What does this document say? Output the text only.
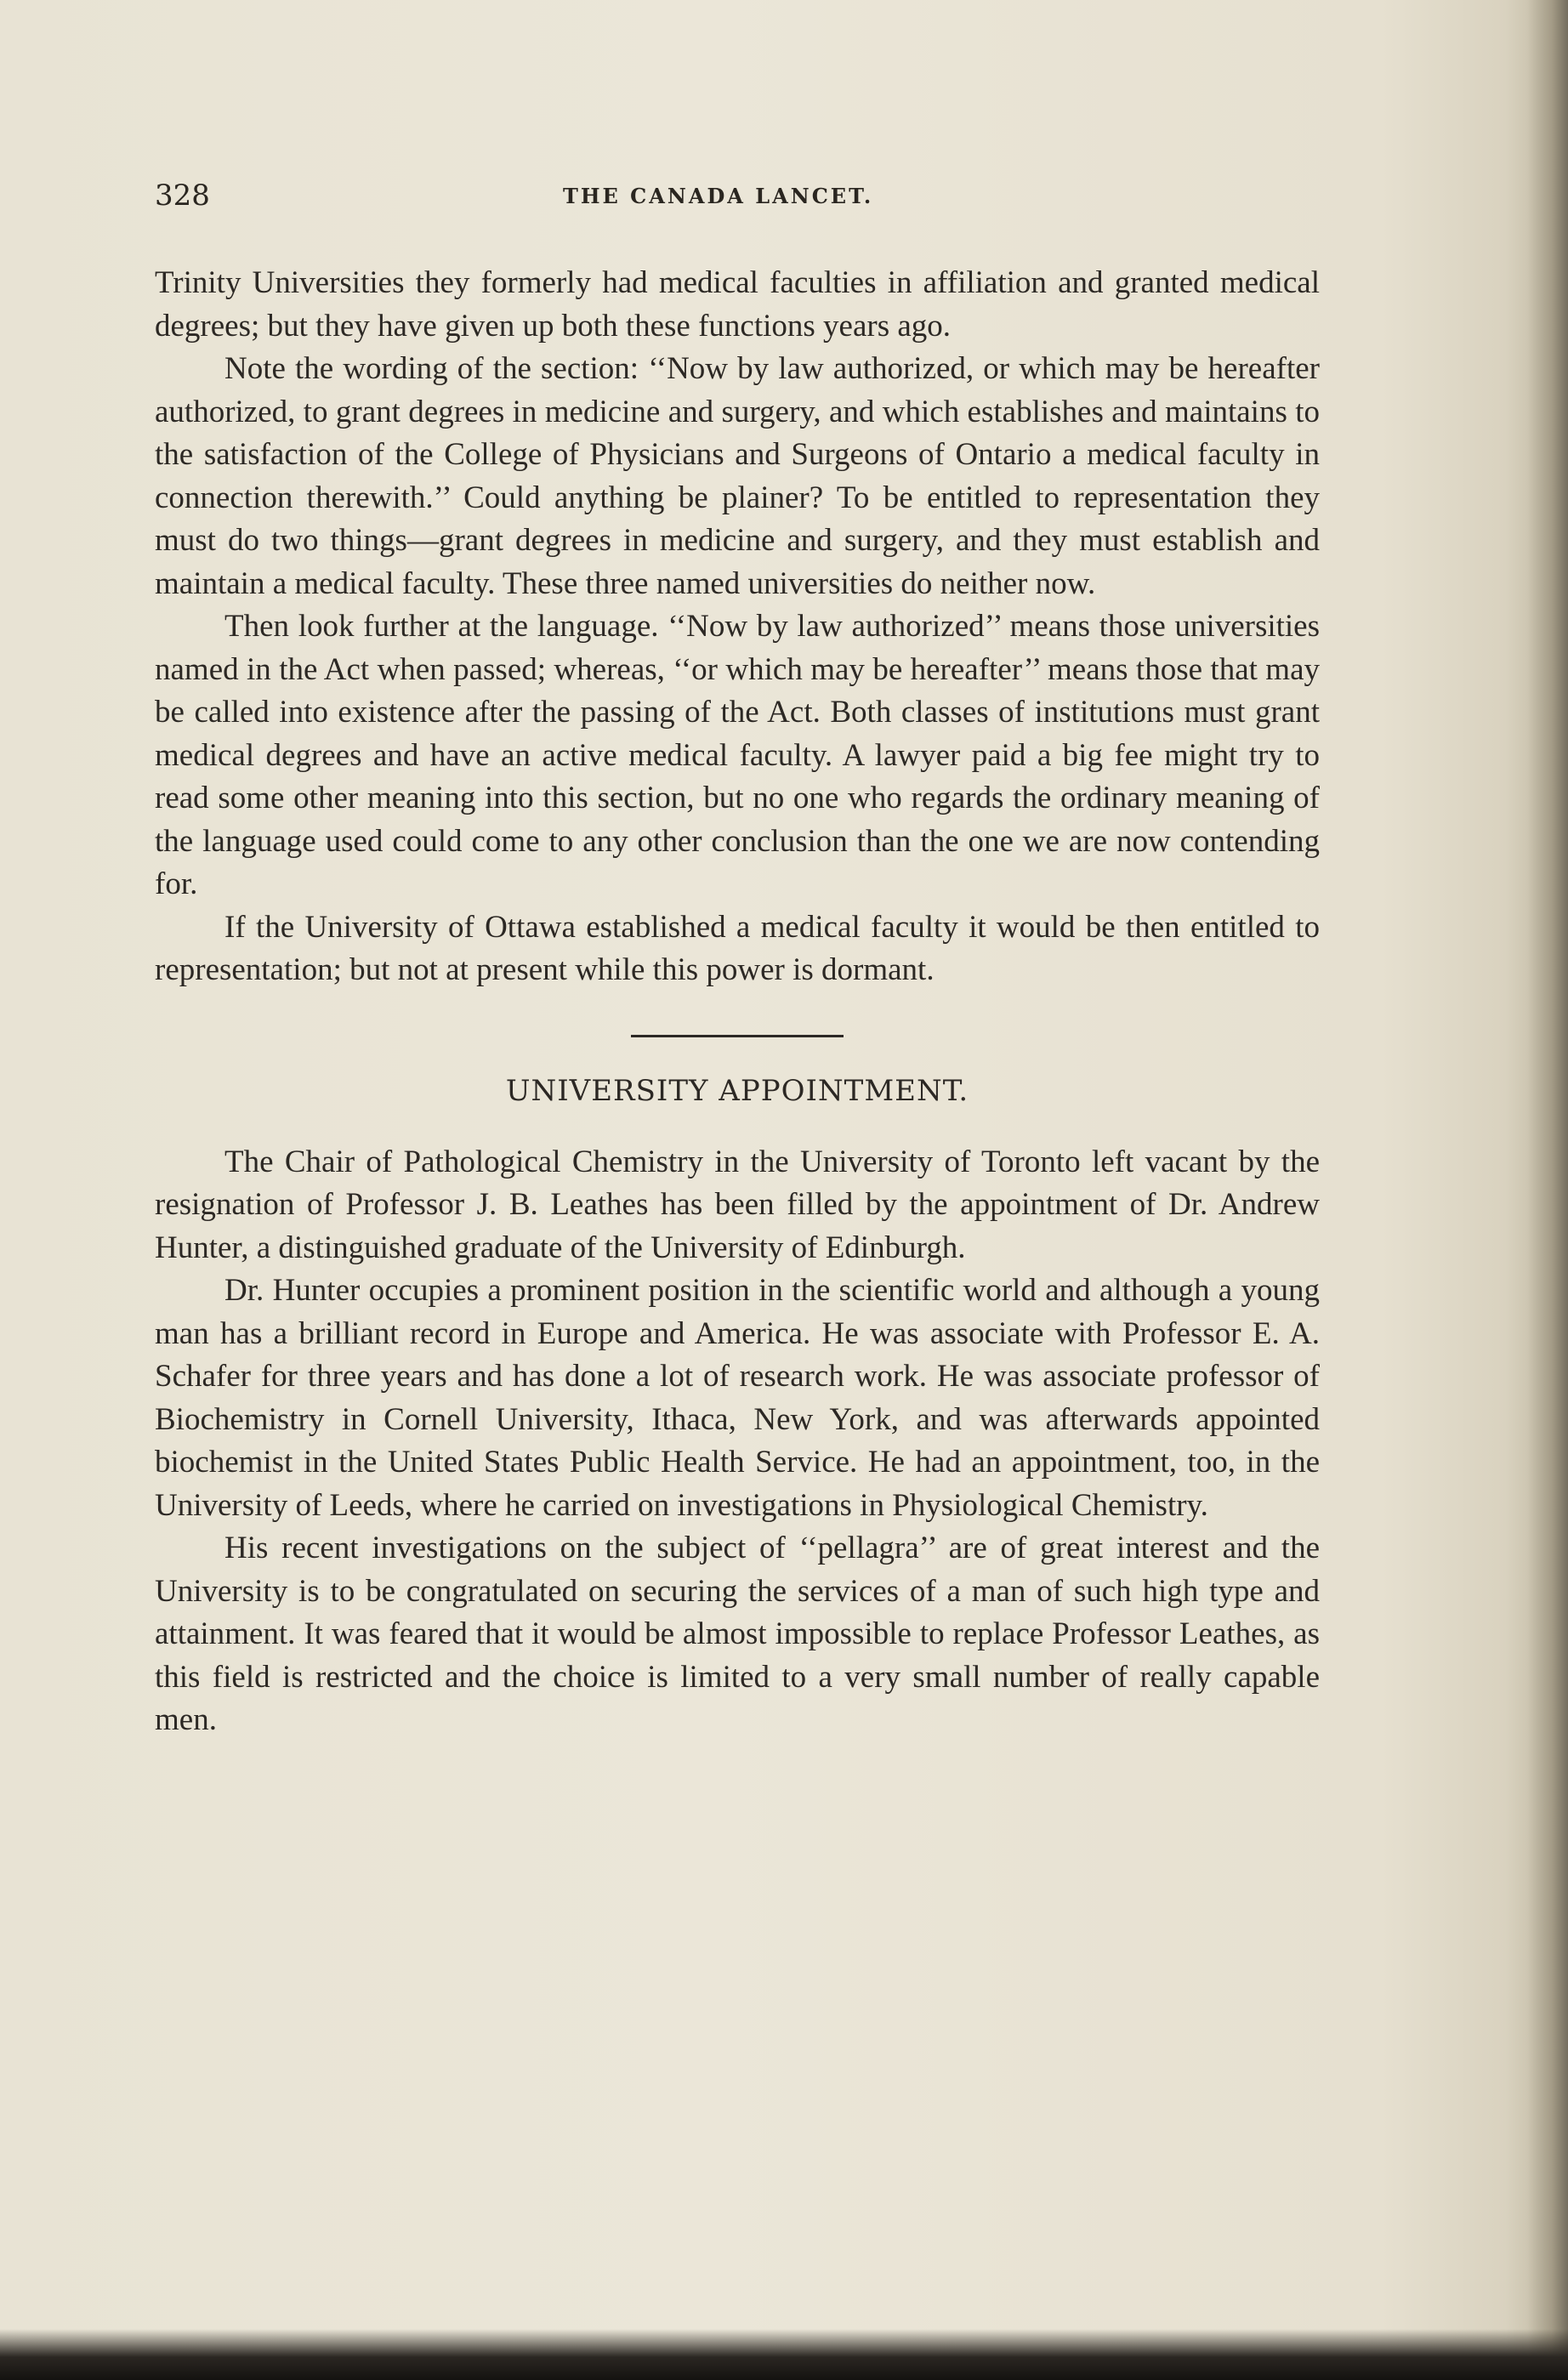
328	THE CANADA LANCET.

Trinity Universities they formerly had medical faculties in affiliation and granted medical degrees; but they have given up both these functions years ago.

Note the wording of the section: ‘‘Now by law authorized, or which may be hereafter authorized, to grant degrees in medicine and surgery, and which establishes and maintains to the satisfaction of the College of Physicians and Surgeons of Ontario a medical faculty in connection therewith.’’ Could anything be plainer? To be entitled to representation they must do two things—grant degrees in medicine and surgery, and they must establish and maintain a medical faculty. These three named universities do neither now.

Then look further at the language. ‘‘Now by law authorized’’ means those universities named in the Act when passed; whereas, ‘‘or which may be hereafter’’ means those that may be called into existence after the passing of the Act. Both classes of institutions must grant medical degrees and have an active medical faculty. A lawyer paid a big fee might try to read some other meaning into this section, but no one who regards the ordinary meaning of the language used could come to any other conclusion than the one we are now contending for.

If the University of Ottawa established a medical faculty it would be then entitled to representation; but not at present while this power is dormant.

UNIVERSITY APPOINTMENT.

The Chair of Pathological Chemistry in the University of Toronto left vacant by the resignation of Professor J. B. Leathes has been filled by the appointment of Dr. Andrew Hunter, a distinguished graduate of the University of Edinburgh.

Dr. Hunter occupies a prominent position in the scientific world and although a young man has a brilliant record in Europe and America. He was associate with Professor E. A. Schafer for three years and has done a lot of research work. He was associate professor of Biochemistry in Cornell University, Ithaca, New York, and was afterwards appointed biochemist in the United States Public Health Service. He had an appointment, too, in the University of Leeds, where he carried on investigations in Physiological Chemistry.

His recent investigations on the subject of ‘‘pellagra’’ are of great interest and the University is to be congratulated on securing the services of a man of such high type and attainment. It was feared that it would be almost impossible to replace Professor Leathes, as this field is restricted and the choice is limited to a very small number of really capable men.
